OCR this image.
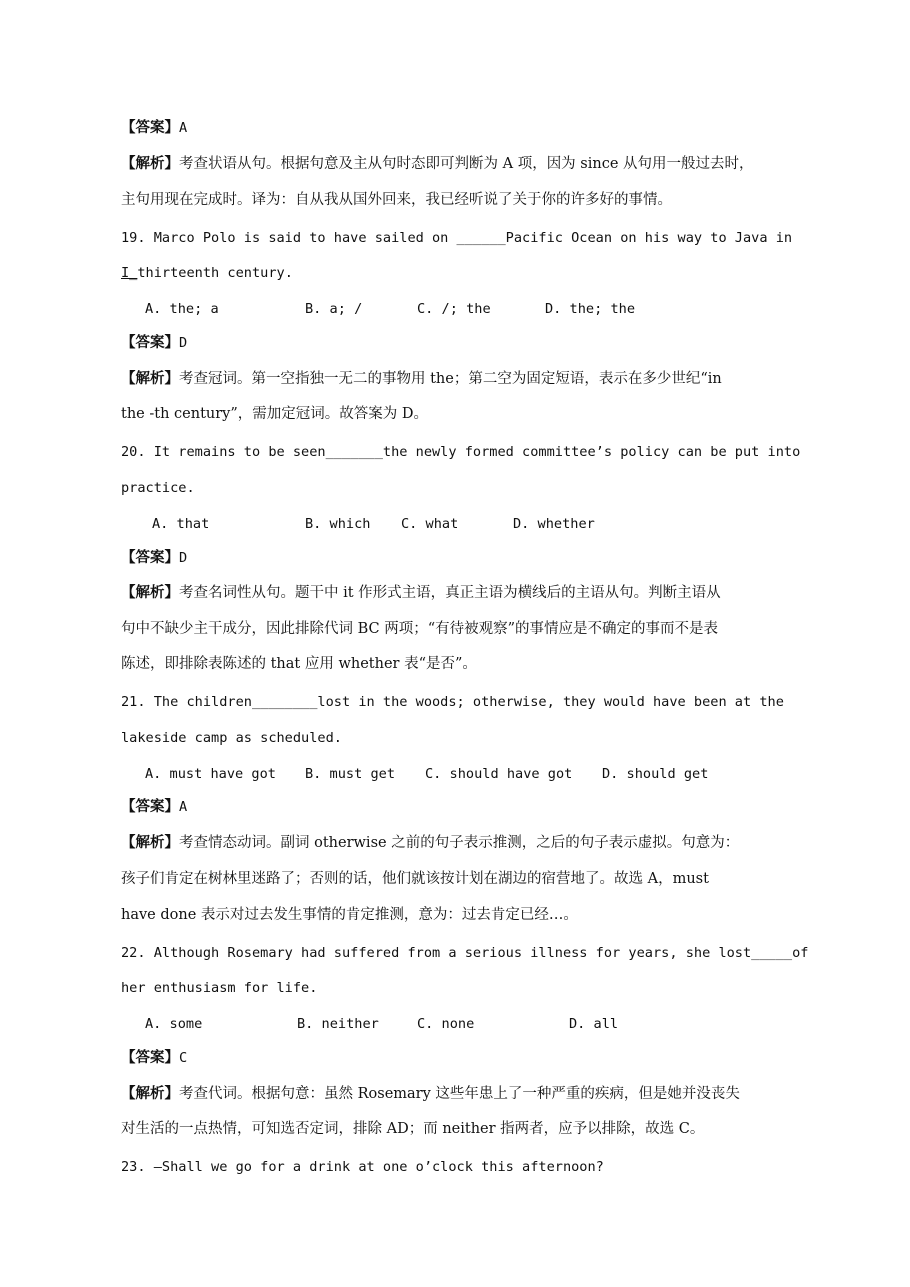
【答案】A
【解析】考查状语从句。根据句意及主从句时态即可判断为 A 项，因为 since 从句用一般过去时，
主句用现在完成时。译为：自从我从国外回来，我已经听说了关于你的许多好的事情。
19. Marco Polo is said to have sailed on ______Pacific Ocean on his way to Java in
I_thirteenth century.
A. the; a	B. a; /	C. /; the	D. the; the
【答案】D
【解析】考查冠词。第一空指独一无二的事物用 the；第二空为固定短语，表示在多少世纪“in
the -th century”，需加定冠词。故答案为 D。
20. It remains to be seen_______the newly formed committee’s policy can be put into
practice.
A. that	B. which C. what	D. whether
【答案】D
【解析】考查名词性从句。题干中 it 作形式主语，真正主语为横线后的主语从句。判断主语从
句中不缺少主干成分，因此排除代词 BC 两项；“有待被观察”的事情应是不确定的事而不是表
陈述，即排除表陈述的 that 应用 whether 表“是否”。
21. The children________lost in the woods; otherwise, they would have been at the
lakeside camp as scheduled.
A. must have got B. must get C. should have got D. should get
【答案】A
【解析】考查情态动词。副词 otherwise 之前的句子表示推测，之后的句子表示虚拟。句意为：
孩子们肯定在树林里迷路了；否则的话，他们就该按计划在湖边的宿营地了。故选 A，must
have done 表示对过去发生事情的肯定推测，意为：过去肯定已经…。
22. Although Rosemary had suffered from a serious illness for years, she lost_____of
her enthusiasm for life.
A. some	B. neither	C. none	D. all
【答案】C
【解析】考查代词。根据句意：虽然 Rosemary 这些年患上了一种严重的疾病，但是她并没丧失
对生活的一点热情，可知选否定词，排除 AD；而 neither 指两者，应予以排除，故选 C。
23. –Shall we go for a drink at one o’clock this afternoon?
